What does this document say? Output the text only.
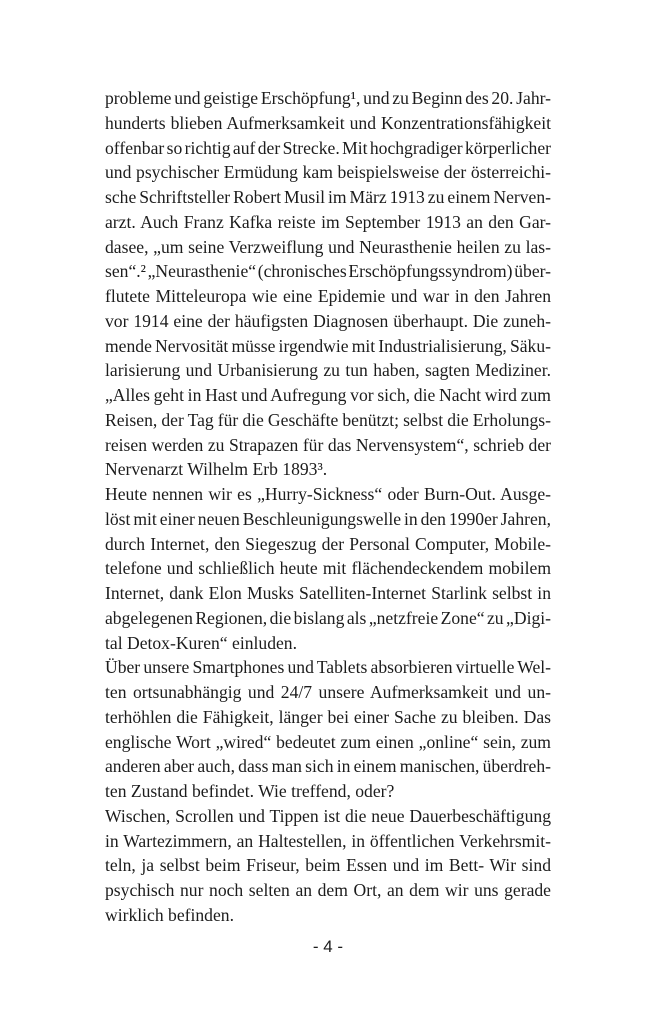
probleme und geistige Erschöpfung¹, und zu Beginn des 20. Jahr-
hunderts blieben Aufmerksamkeit und Konzentrationsfähigkeit
offenbar so richtig auf der Strecke. Mit hochgradiger körperlicher
und psychischer Ermüdung kam beispielsweise der österreichi-
sche Schriftsteller Robert Musil im März 1913 zu einem Nerven-
arzt. Auch Franz Kafka reiste im September 1913 an den Gar-
dasee, „um seine Verzweiflung und Neurasthenie heilen zu las-
sen“.² „Neurasthenie“ (chronisches Erschöpfungssyndrom) über-
flutete Mitteleuropa wie eine Epidemie und war in den Jahren
vor 1914 eine der häufigsten Diagnosen überhaupt. Die zuneh-
mende Nervosität müsse irgendwie mit Industrialisierung, Säku-
larisierung und Urbanisierung zu tun haben, sagten Mediziner.
„Alles geht in Hast und Aufregung vor sich, die Nacht wird zum
Reisen, der Tag für die Geschäfte benützt; selbst die Erholungs-
reisen werden zu Strapazen für das Nervensystem“, schrieb der
Nervenarzt Wilhelm Erb 1893³.
Heute nennen wir es „Hurry-Sickness“ oder Burn-Out. Ausge-
löst mit einer neuen Beschleunigungswelle in den 1990er Jahren,
durch Internet, den Siegeszug der Personal Computer, Mobile-
telefone und schließlich heute mit flächendeckendem mobilem
Internet, dank Elon Musks Satelliten-Internet Starlink selbst in
abgelegenen Regionen, die bislang als „netzfreie Zone“ zu „Digi-
tal Detox-Kuren“ einluden.
Über unsere Smartphones und Tablets absorbieren virtuelle Wel-
ten ortsunabhängig und 24/7 unsere Aufmerksamkeit und un-
terhöhlen die Fähigkeit, länger bei einer Sache zu bleiben. Das
englische Wort „wired“ bedeutet zum einen „online“ sein, zum
anderen aber auch, dass man sich in einem manischen, überdreh-
ten Zustand befindet. Wie treffend, oder?
Wischen, Scrollen und Tippen ist die neue Dauerbeschäftigung
in Wartezimmern, an Haltestellen, in öffentlichen Verkehrsmit-
teln, ja selbst beim Friseur, beim Essen und im Bett- Wir sind
psychisch nur noch selten an dem Ort, an dem wir uns gerade
wirklich befinden.
- 4 -
